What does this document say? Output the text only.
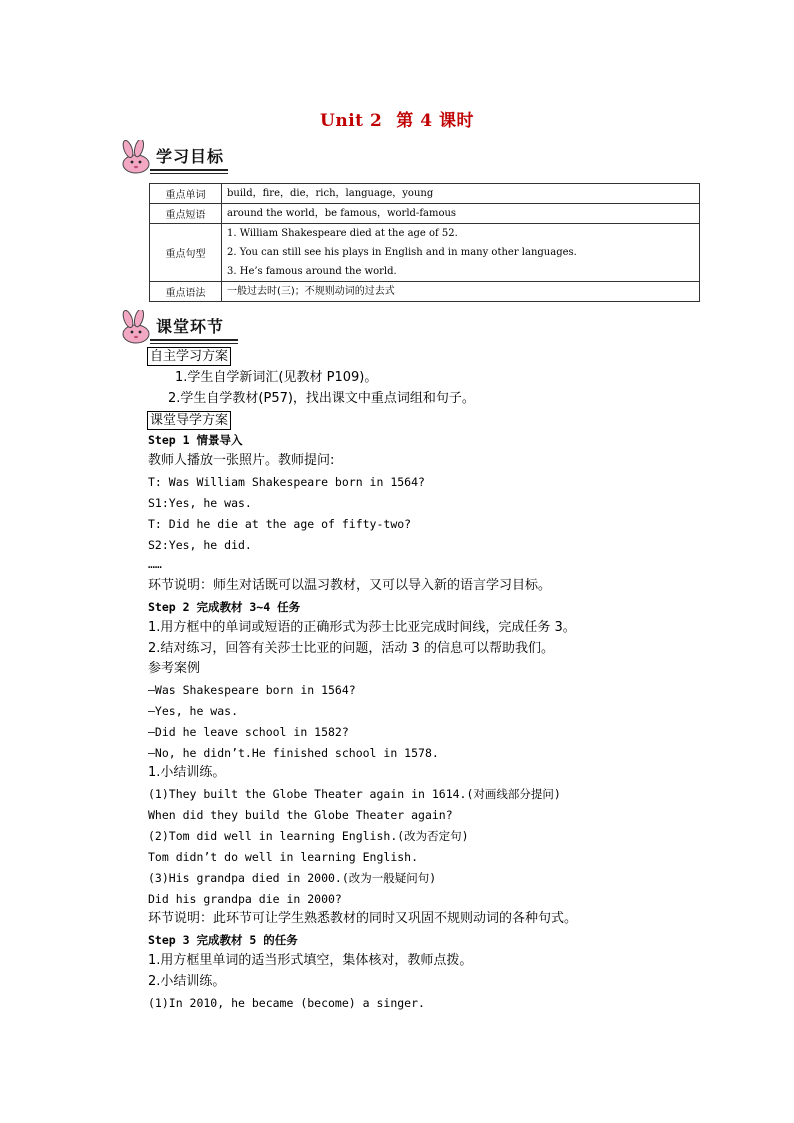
Unit 2 第 4 课时
学习目标
重点单词	build，fire，die，rich，language，young
重点短语	around the world，be famous，world-famous
重点句型	1. William Shakespeare died at the age of 52.
2. You can still see his plays in English and in many other languages.
3. He’s famous around the world.

重点语法	一般过去时(三)；不规则动词的过去式
课堂环节
自主学习方案
1.学生自学新词汇(见教材 P109)。
2.学生自学教材(P57)，找出课文中重点词组和句子。
课堂导学方案
Step 1 情景导入
教师人播放一张照片。教师提问:
T: Was William Shakespeare born in 1564?
S1:Yes, he was.
T: Did he die at the age of fifty-two?
S2:Yes, he did.
……
环节说明：师生对话既可以温习教材，又可以导入新的语言学习目标。
Step 2 完成教材 3~4 任务
1.用方框中的单词或短语的正确形式为莎士比亚完成时间线，完成任务 3。
2.结对练习，回答有关莎士比亚的问题，活动 3 的信息可以帮助我们。
参考案例
—Was Shakespeare born in 1564?
—Yes, he was.
—Did he leave school in 1582?
—No, he didn’t.He finished school in 1578.
1.小结训练。
(1)They built the Globe Theater again in 1614.(对画线部分提问)
When did they build the Globe Theater again?
(2)Tom did well in learning English.(改为否定句)
Tom didn’t do well in learning English.
(3)His grandpa died in 2000.(改为一般疑问句)
Did his grandpa die in 2000?
环节说明：此环节可让学生熟悉教材的同时又巩固不规则动词的各种句式。
Step 3 完成教材 5 的任务
1.用方框里单词的适当形式填空，集体核对，教师点拨。
2.小结训练。
(1)In 2010, he became (become) a singer.
